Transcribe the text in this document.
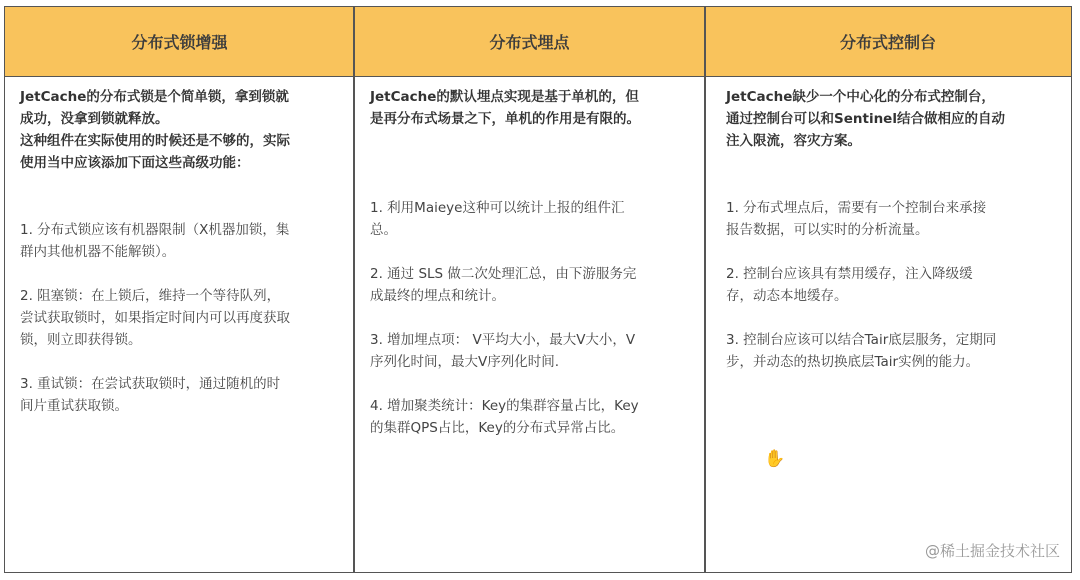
分布式锁增强	分布式埋点	分布式控制台
JetCache的分布式锁是个简单锁，拿到锁就
成功，没拿到锁就释放。
这种组件在实际使用的时候还是不够的，实际
使用当中应该添加下面这些高级功能：
1. 分布式锁应该有机器限制（X机器加锁，集
群内其他机器不能解锁）。
2. 阻塞锁：在上锁后，维持一个等待队列，
尝试获取锁时，如果指定时间内可以再度获取
锁，则立即获得锁。
3. 重试锁：在尝试获取锁时，通过随机的时
间片重试获取锁。
JetCache的默认埋点实现是基于单机的，但
是再分布式场景之下，单机的作用是有限的。
1. 利用Maieye这种可以统计上报的组件汇
总。
2. 通过 SLS 做二次处理汇总，由下游服务完
成最终的埋点和统计。
3. 增加埋点项： V平均大小，最大V大小，V
序列化时间，最大V序列化时间.
4. 增加聚类统计：Key的集群容量占比，Key
的集群QPS占比，Key的分布式异常占比。
JetCache缺少一个中心化的分布式控制台，
通过控制台可以和Sentinel结合做相应的自动
注入限流，容灾方案。
1. 分布式埋点后，需要有一个控制台来承接
报告数据，可以实时的分析流量。
2. 控制台应该具有禁用缓存，注入降级缓
存，动态本地缓存。
3. 控制台应该可以结合Tair底层服务，定期同
步，并动态的热切换底层Tair实例的能力。
✋
@稀土掘金技术社区
